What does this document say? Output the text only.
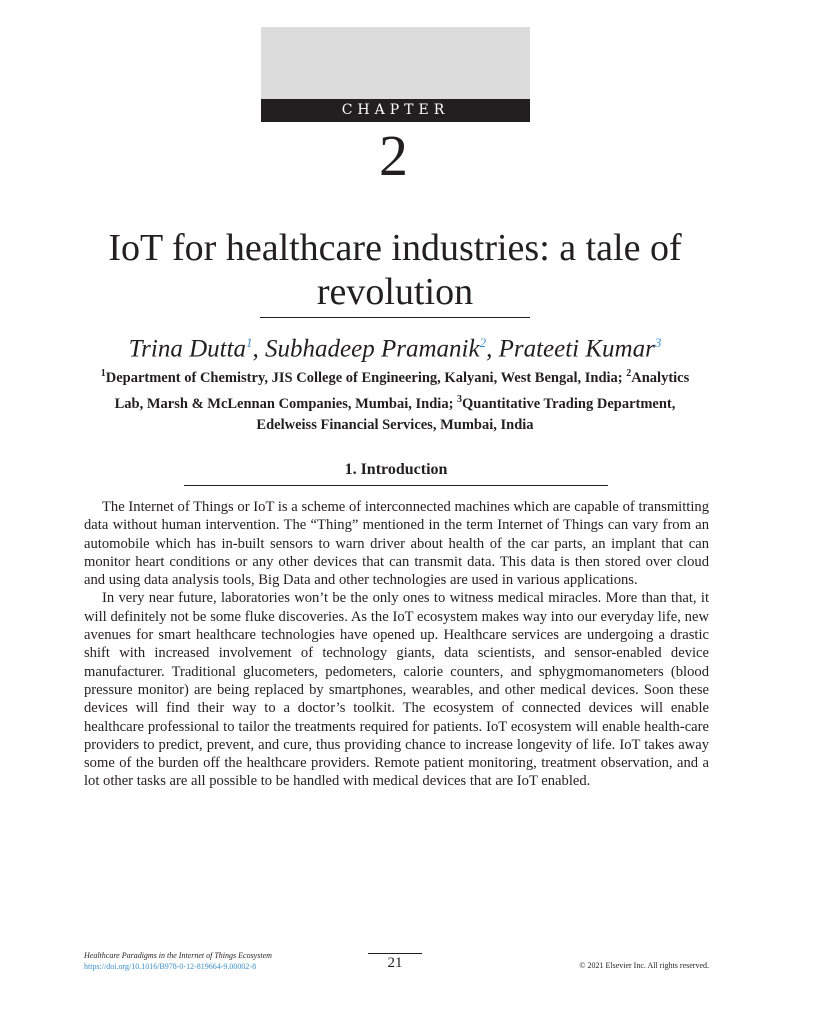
CHAPTER
2
IoT for healthcare industries: a tale of revolution
Trina Dutta$^1$, Subhadeep Pramanik$^2$, Prateeti Kumar$^3$
$^1$Department of Chemistry, JIS College of Engineering, Kalyani, West Bengal, India; $^2$Analytics Lab, Marsh & McLennan Companies, Mumbai, India; $^3$Quantitative Trading Department, Edelweiss Financial Services, Mumbai, India
1. Introduction

The Internet of Things or IoT is a scheme of interconnected machines which are capable of transmitting data without human intervention. The “Thing” mentioned in the term Internet of Things can vary from an automobile which has in-built sensors to warn driver about health of the car parts, an implant that can monitor heart conditions or any other devices that can transmit data. This data is then stored over cloud and using data analysis tools, Big Data and other technologies are used in various applications.

In very near future, laboratories won’t be the only ones to witness medical miracles. More than that, it will definitely not be some fluke discoveries. As the IoT ecosystem makes way into our everyday life, new avenues for smart healthcare technologies have opened up. Healthcare services are undergoing a drastic shift with increased involvement of technology giants, data scientists, and sensor-enabled device manufacturer. Traditional glucometers, pedometers, calorie counters, and sphygmomanometers (blood pressure monitor) are being replaced by smartphones, wearables, and other medical devices. Soon these devices will find their way to a doctor’s toolkit. The ecosystem of connected devices will enable healthcare professional to tailor the treatments required for patients. IoT ecosystem will enable health-care providers to predict, prevent, and cure, thus providing chance to increase longevity of life. IoT takes away some of the burden off the healthcare providers. Remote patient monitoring, treatment observation, and a lot other tasks are all possible to be handled with medical devices that are IoT enabled.

Healthcare Paradigms in the Internet of Things Ecosystem
https://doi.org/10.1016/B978-0-12-819664-9.00002-8	21	© 2021 Elsevier Inc. All rights reserved.
